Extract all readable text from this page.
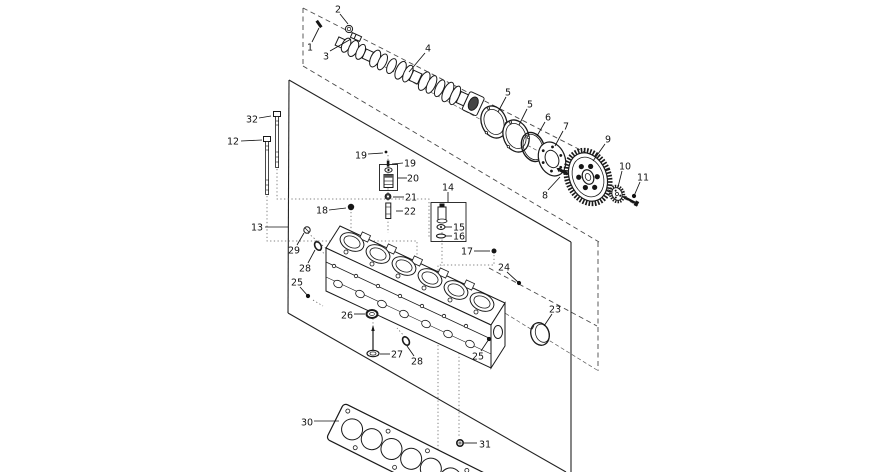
1
2
3
4
5
5
6
7
8
9
10
11
12
13
14
15
16
17
18
19
19
20
21
22
23
24
25
25
26
27
28
28
29
30
31
32
